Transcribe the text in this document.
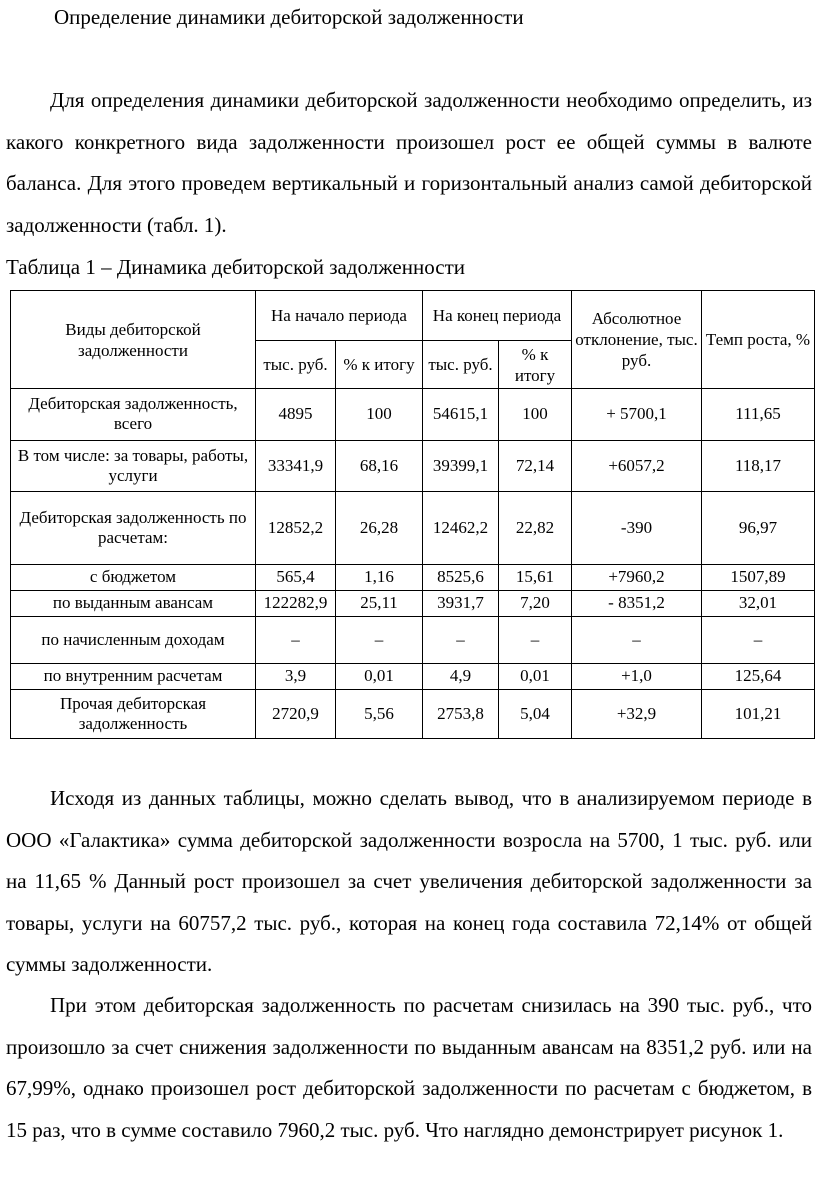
Определение динамики дебиторской задолженности

Для определения динамики дебиторской задолженности необходимо определить, из какого конкретного вида задолженности произошел рост ее общей суммы в валюте баланса. Для этого проведем вертикальный и горизонтальный анализ самой дебиторской задолженности (табл. 1).

Таблица 1 – Динамика дебиторской задолженности
Виды дебиторской задолженности	На начало периода		На конец периода		Абсолютное отклонение, тыс. руб.	Темп роста, %
	тыс. руб.	% к итогу	тыс. руб.	% к итогу		
Дебиторская задолженность, всего	4895	100	54615,1	100	+ 5700,1	111,65
В том числе: за товары, работы, услуги	33341,9	68,16	39399,1	72,14	+6057,2	118,17
Дебиторская задолженность по расчетам:	12852,2	26,28	12462,2	22,82	-390	96,97
с бюджетом	565,4	1,16	8525,6	15,61	+7960,2	1507,89
по выданным авансам	122282,9	25,11	3931,7	7,20	- 8351,2	32,01
по начисленным доходам	–	–	–	–	–	–
по внутренним расчетам	3,9	0,01	4,9	0,01	+1,0	125,64
Прочая дебиторская задолженность	2720,9	5,56	2753,8	5,04	+32,9	101,21

Исходя из данных таблицы, можно сделать вывод, что в анализируемом периоде в ООО «Галактика» сумма дебиторской задолженности возросла на 5700, 1 тыс. руб. или на 11,65 % Данный рост произошел за счет увеличения дебиторской задолженности за товары, услуги на 60757,2 тыс. руб., которая на конец года составила 72,14% от общей суммы задолженности.

При этом дебиторская задолженность по расчетам снизилась на 390 тыс. руб., что произошло за счет снижения задолженности по выданным авансам на 8351,2 руб. или на 67,99%, однако произошел рост дебиторской задолженности по расчетам с бюджетом, в 15 раз, что в сумме составило 7960,2 тыс. руб. Что наглядно демонстрирует рисунок 1.
